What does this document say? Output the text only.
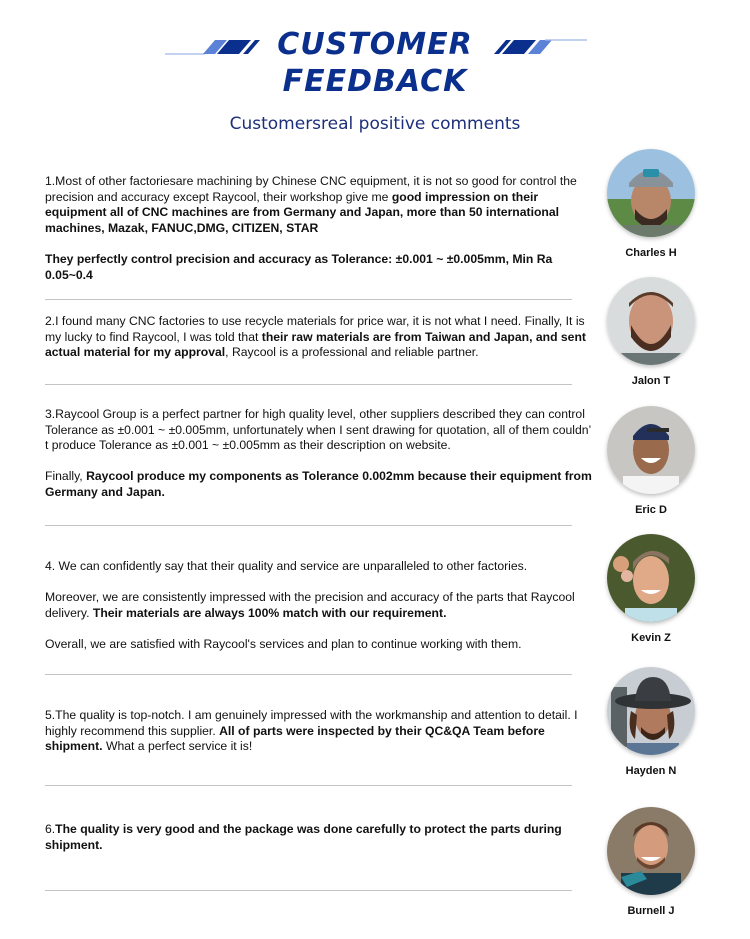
CUSTOMER
FEEDBACK
Customersreal positive comments

1.Most of other factoriesare machining by Chinese CNC equipment, it is not so good for control the precision and accuracy except Raycool, their workshop give me good impression on their equipment all of CNC machines are from Germany and Japan, more than 50 international machines, Mazak, FANUC,DMG, CITIZEN, STAR

They perfectly control precision and accuracy as Tolerance: ±0.001 ~ ±0.005mm, Min Ra 0.05~0.4

2.I found many CNC factories to use recycle materials for price war, it is not what I need. Finally, It is my lucky to find Raycool, I was told that their raw materials are from Taiwan and Japan, and sent actual material for my approval, Raycool is a professional and reliable partner.

3.Raycool Group is a perfect partner for high quality level, other suppliers described they can control Tolerance as ±0.001 ~ ±0.005mm, unfortunately when I sent drawing for quotation, all of them couldn’ t produce Tolerance as ±0.001 ~ ±0.005mm as their description on website.

Finally, Raycool produce my components as Tolerance 0.002mm because their equipment from Germany and Japan.

4. We can confidently say that their quality and service are unparalleled to other factories.

Moreover, we are consistently impressed with the precision and accuracy of the parts that Raycool delivery. Their materials are always 100% match with our requirement.

Overall, we are satisfied with Raycool's services and plan to continue working with them.

5.The quality is top-notch. I am genuinely impressed with the workmanship and attention to detail. I highly recommend this supplier. All of parts were inspected by their QC&QA Team before shipment. What a perfect service it is!

6.The quality is very good and the package was done carefully to protect the parts during shipment.

Charles H
Jalon T
Eric D
Kevin Z
Hayden N
Burnell J
